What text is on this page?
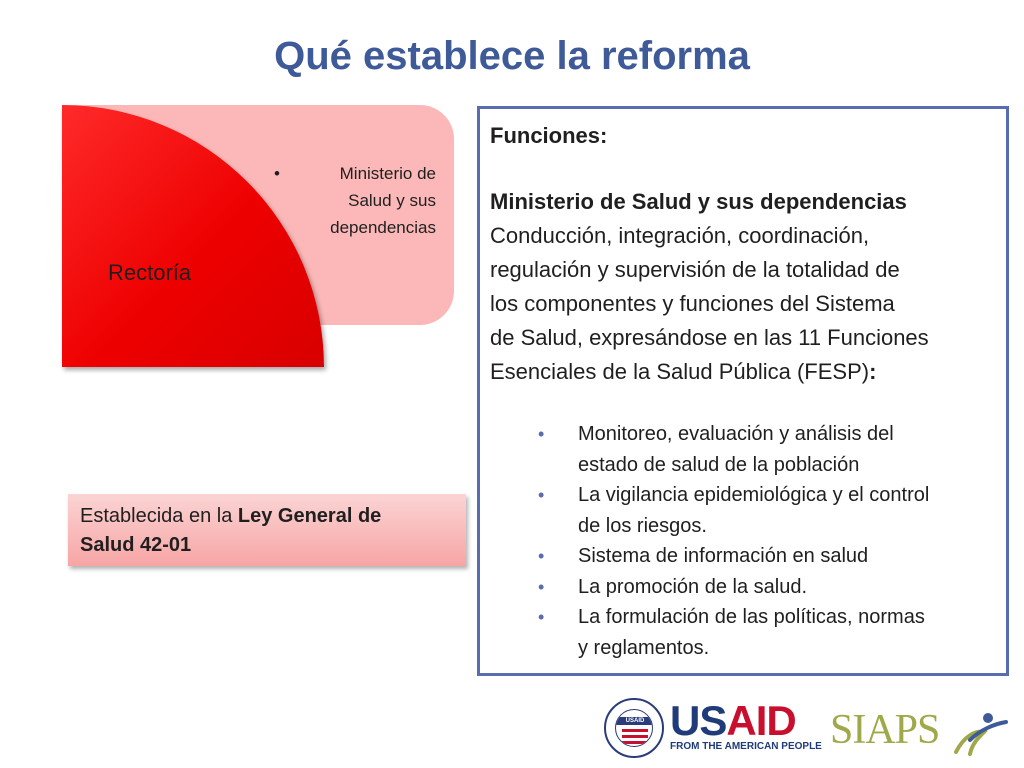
Qué establece la reforma
•	Ministerio de
Salud y sus
dependencias
Rectoría
Establecida en la Ley General de
Salud 42-01
Funciones:
Ministerio de Salud y sus dependencias
Conducción, integración, coordinación,
regulación y supervisión de la totalidad de
los componentes y funciones del Sistema
de Salud, expresándose en las 11 Funciones
Esenciales de la Salud Pública (FESP):
• Monitoreo, evaluación y análisis del
estado de salud de la población
• La vigilancia epidemiológica y el control
de los riesgos.
• Sistema de información en salud
• La promoción de la salud.
• La formulación de las políticas, normas
y reglamentos.
USAID USAID
FROM THE AMERICAN PEOPLE SIAPS
